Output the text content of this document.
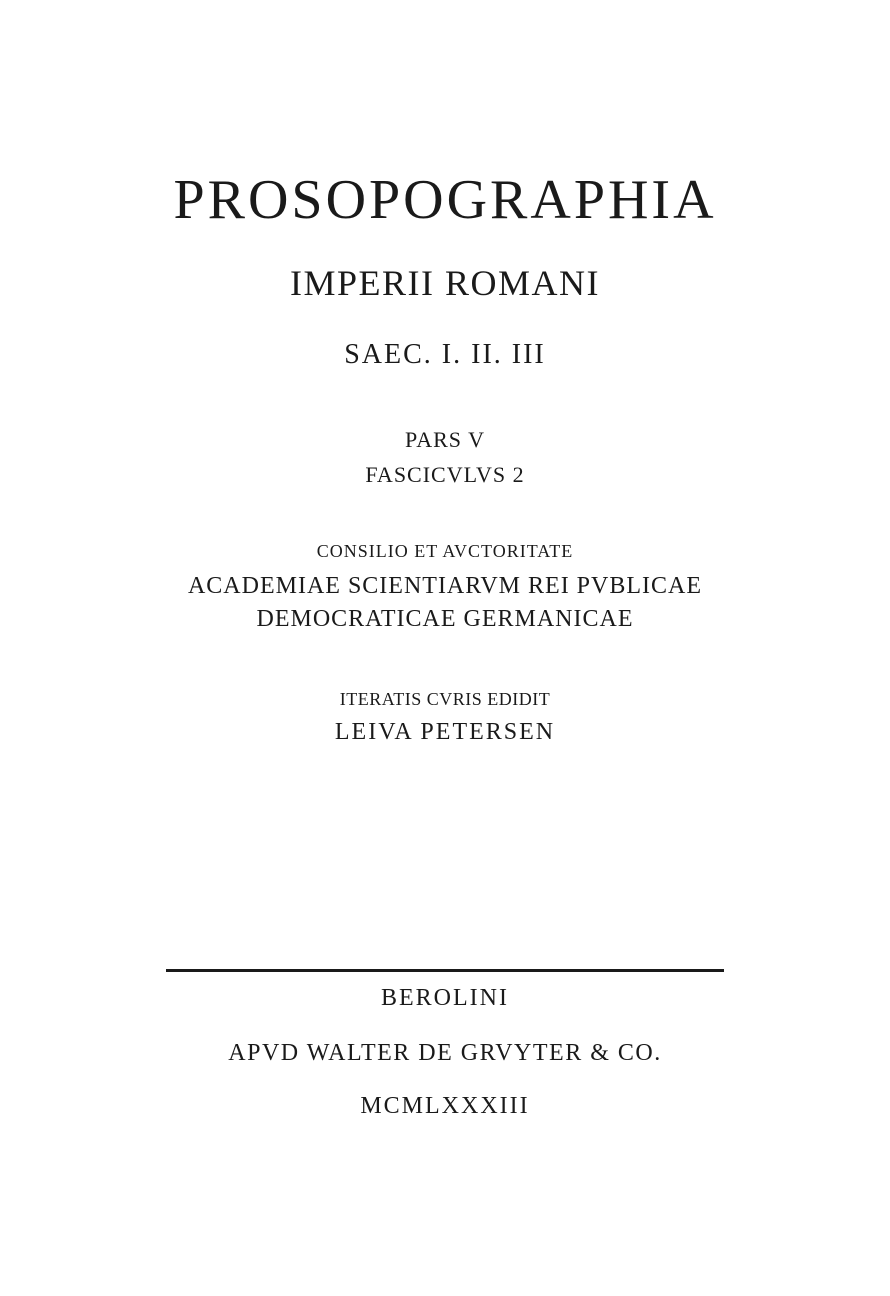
PROSOPOGRAPHIA
IMPERII ROMANI
SAEC. I. II. III
PARS V
FASCICVLVS 2
CONSILIO ET AVCTORITATE
ACADEMIAE SCIENTIARVM REI PVBLICAE
DEMOCRATICAE GERMANICAE
ITERATIS CVRIS EDIDIT
LEIVA PETERSEN
BEROLINI
APVD WALTER DE GRVYTER & CO.
MCMLXXXIII
